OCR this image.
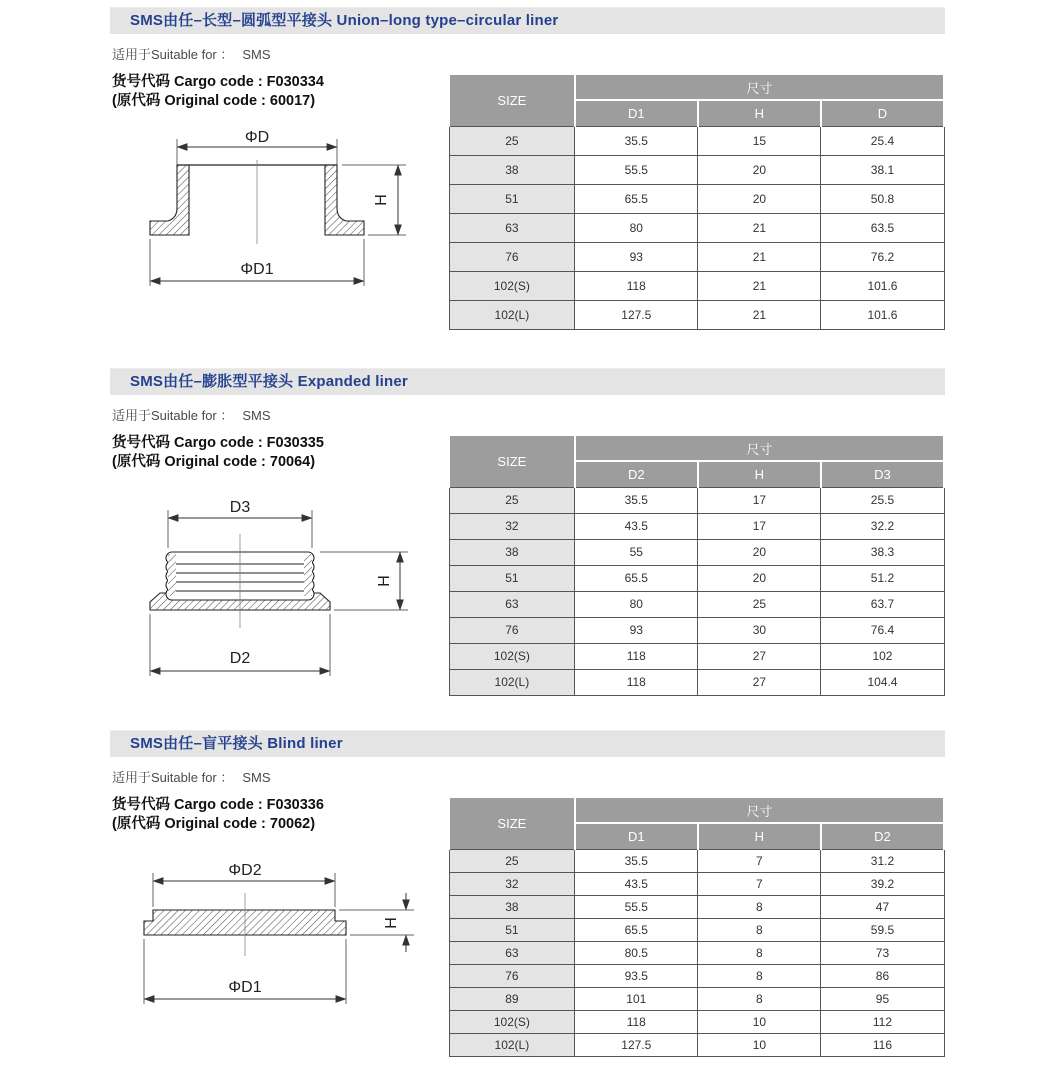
SMS由任–长型–圆弧型平接头 Union–long type–circular liner
适用于Suitable for ： SMS
货号代码 Cargo code : F030334
(原代码 Original code : 60017)
ΦD
H
ΦD1
SIZE	尺寸		
	D1	H	D
25	35.5	15	25.4
38	55.5	20	38.1
51	65.5	20	50.8
63	80	21	63.5
76	93	21	76.2
102(S)	118	21	101.6
102(L)	127.5	21	101.6
SMS由任–膨胀型平接头 Expanded liner
适用于Suitable for ： SMS
货号代码 Cargo code : F030335
(原代码 Original code : 70064)
D3
H
D2
SIZE	尺寸		
	D2	H	D3
25	35.5	17	25.5
32	43.5	17	32.2
38	55	20	38.3
51	65.5	20	51.2
63	80	25	63.7
76	93	30	76.4
102(S)	118	27	102
102(L)	118	27	104.4
SMS由任–盲平接头 Blind liner
适用于Suitable for ： SMS
货号代码 Cargo code : F030336
(原代码 Original code : 70062)
ΦD2
H
ΦD1
SIZE	尺寸		
	D1	H	D2
25	35.5	7	31.2
32	43.5	7	39.2
38	55.5	8	47
51	65.5	8	59.5
63	80.5	8	73
76	93.5	8	86
89	101	8	95
102(S)	118	10	112
102(L)	127.5	10	116
